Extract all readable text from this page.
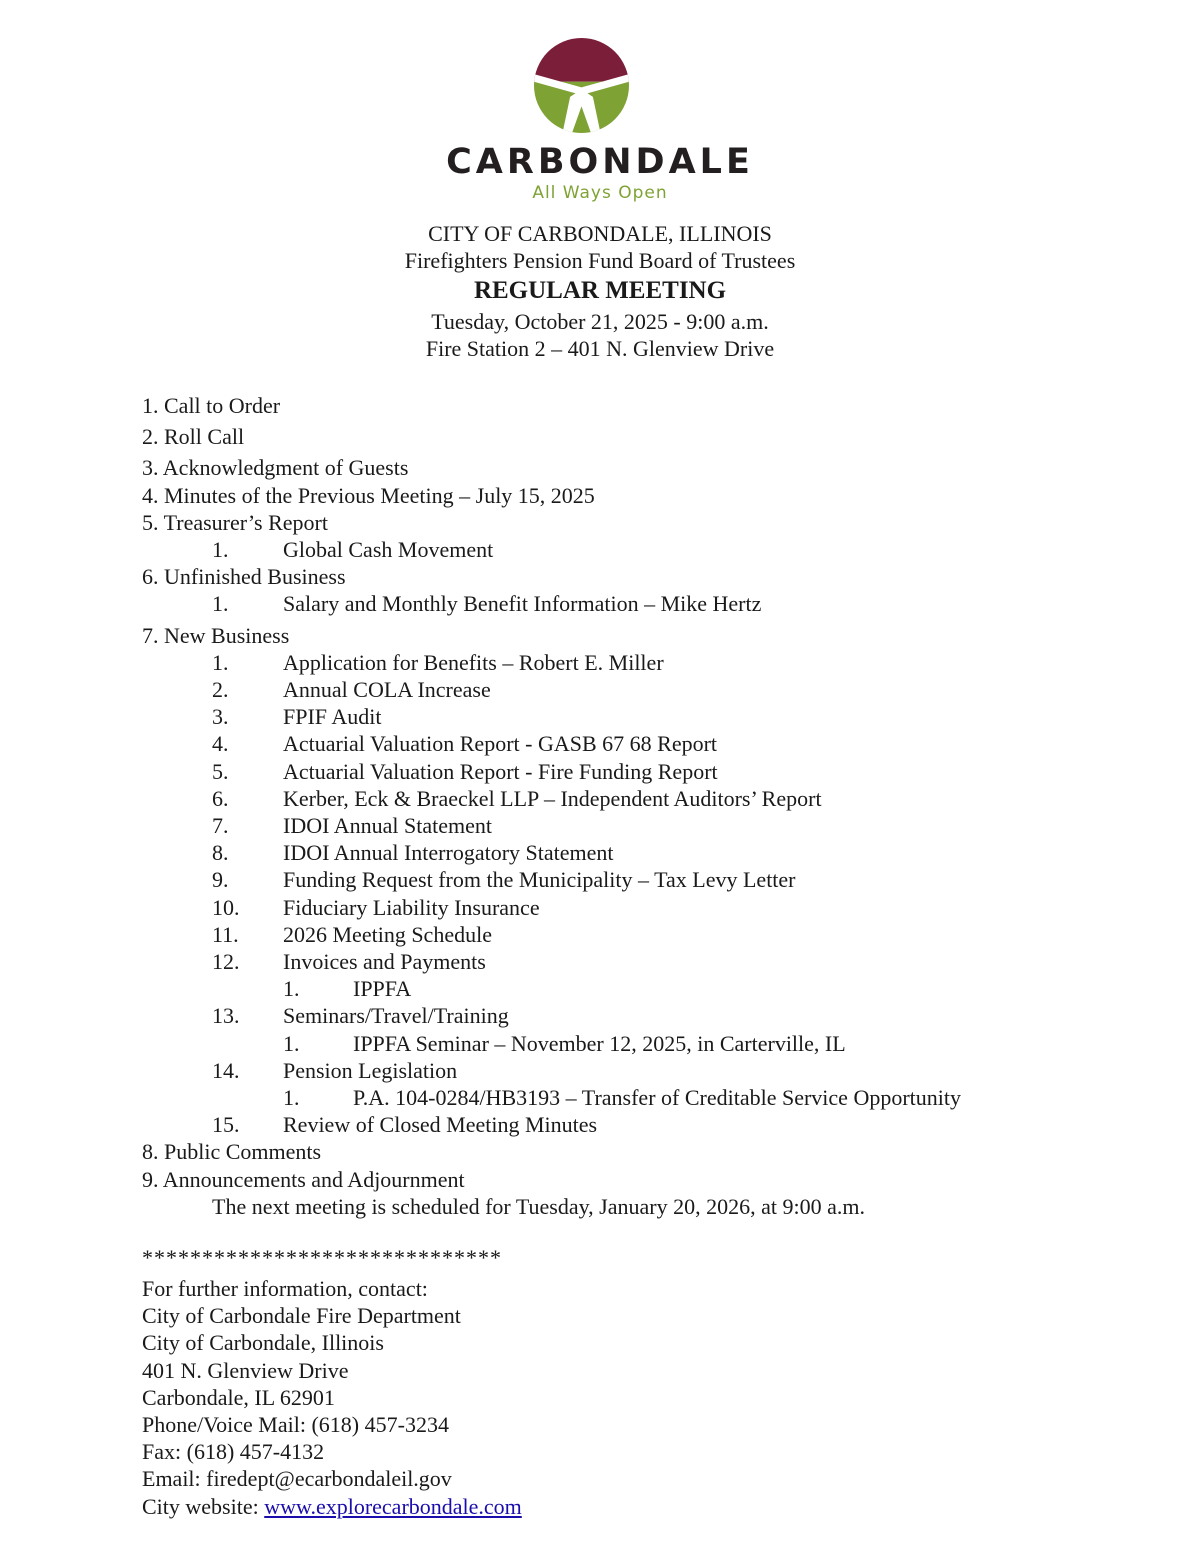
CARBONDALE
All Ways Open
CITY OF CARBONDALE, ILLINOIS
Firefighters Pension Fund Board of Trustees
REGULAR MEETING
Tuesday, October 21, 2025 - 9:00 a.m.
Fire Station 2 – 401 N. Glenview Drive
1. Call to Order
2. Roll Call
3. Acknowledgment of Guests
4. Minutes of the Previous Meeting – July 15, 2025
5. Treasurer’s Report

1. Global Cash Movement
6. Unfinished Business

1. Salary and Monthly Benefit Information – Mike Hertz
7. New Business

1. Application for Benefits – Robert E. Miller

2. Annual COLA Increase

3. FPIF Audit

4. Actuarial Valuation Report - GASB 67 68 Report

5. Actuarial Valuation Report - Fire Funding Report

6. Kerber, Eck & Braeckel LLP – Independent Auditors’ Report

7. IDOI Annual Statement

8. IDOI Annual Interrogatory Statement

9. Funding Request from the Municipality – Tax Levy Letter

10. Fiduciary Liability Insurance

11. 2026 Meeting Schedule

12. Invoices and Payments

1. IPPFA

13. Seminars/Travel/Training

1. IPPFA Seminar – November 12, 2025, in Carterville, IL

14. Pension Legislation

1. P.A. 104-0284/HB3193 – Transfer of Creditable Service Opportunity

15. Review of Closed Meeting Minutes
8. Public Comments
9. Announcements and Adjournment
The next meeting is scheduled for Tuesday, January 20, 2026, at 9:00 a.m.
******************************
For further information, contact:
City of Carbondale Fire Department
City of Carbondale, Illinois
401 N. Glenview Drive
Carbondale, IL 62901
Phone/Voice Mail: (618) 457-3234
Fax: (618) 457-4132
Email: firedept@ecarbondaleil.gov
City website: www.explorecarbondale.com
